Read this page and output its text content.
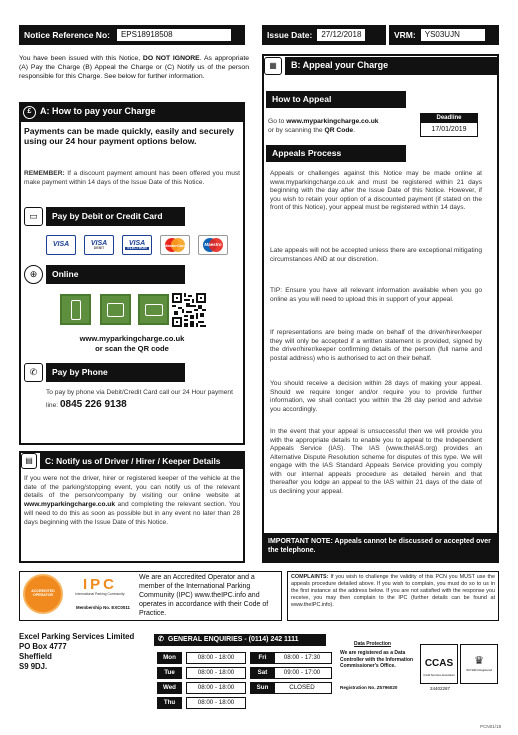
Notice Reference No:	EPS18918508	Issue Date:	27/12/2018	VRM:	YS03UJN
You have been issued with this Notice, DO NOT IGNORE. As appropriate (A) Pay the Charge (B) Appeal the Charge or (C) Notify us of the person responsible for this Charge. See below for further information.
£ A: How to pay your Charge
Payments can be made quickly, easily and securely using our 24 hour payment options below.
REMEMBER: If a discount payment amount has been offered you must make payment within 14 days of the Issue Date of this Notice.
▭	Pay by Debit or Credit Card
VISA	VISA
DEBIT
VISA
ELECTRON
MasterCard	Maestro
⊕	Online
www.myparkingcharge.co.uk
or scan the QR code
✆	Pay by Phone
To pay by phone via Debit/Credit Card call our 24 Hour payment line: 0845 226 9138
▤	C: Notify us of Driver / Hirer / Keeper Details
If you were not the driver, hirer or registered keeper of the vehicle at the date of the parking/stopping event, you can notify us of the relevant details of the person/company by visiting our online website at www.myparkingcharge.co.uk and completing the relevant section. You will need to do this as soon as possible but in any event no later than 28 days beginning with the Issue Date of this Notice.
▦	B: Appeal your Charge
How to Appeal
Go to www.myparkingcharge.co.uk
or by scanning the QR Code.
Deadline
17/01/2019
Appeals Process
Appeals or challenges against this Notice may be made online at www.myparkingcharge.co.uk and must be registered within 21 days beginning with the day after the Issue Date of this Notice. However, if you wish to retain your option of a discounted payment (if stated on the front of this Notice), your appeal must be registered within 14 days.
Late appeals will not be accepted unless there are exceptional mitigating circumstances AND at our discretion.
TIP: Ensure you have all relevant information available when you go online as you will need to upload this in support of your appeal.
If representations are being made on behalf of the driver/hirer/keeper they will only be accepted if a written statement is provided, signed by the driver/hirer/keeper confirming details of the person (full name and postal address) who is authorised to act on their behalf.
You should receive a decision within 28 days of making your appeal. Should we require longer and/or require you to provide further information, we shall contact you within the 28 day period and advise you accordingly.
In the event that your appeal is unsuccessful then we will provide you with the appropriate details to enable you to appeal to the Independent Appeals Service (IAS). The IAS (www.theIAS.org) provides an Alternative Dispute Resolution scheme for disputes of this type. We will engage with the IAS Standard Appeals Service providing you comply with our internal appeals procedure as detailed herein and that thereafter you lodge an appeal to the IAS within 21 days of the date of us declining your appeal.
IMPORTANT NOTE: Appeals cannot be discussed or accepted over the telephone.
ACCREDITED OPERATOR
IPC
International Parking Community
Membership No. EXC0011
We are an Accredited Operator and a member of the International Parking Community (IPC) www.theIPC.info and operates in accordance with their Code of Practice.
COMPLAINTS: If you wish to challenge the validity of this PCN you MUST use the appeals procedure detailed above. If you wish to complain, you must do so to us in the first instance at the address below. If you are not satisfied with the response you receive, you may then complain to the IPC (further details can be found at www.theIPC.info).
Excel Parking Services Limited
PO Box 4777
Sheffield
S9 9DJ.
✆ GENERAL ENQUIRIES - (0114) 242 1111
Mon	08:00 - 18:00
Tue	08:00 - 18:00
Wed	08:00 - 18:00
Thu	08:00 - 18:00
Fri	08:00 - 17:30
Sat	09:00 - 17:00
Sun	CLOSED
Data Protection
We are registered as a Data Controller with the Information Commissioner's Office.
Registration No. Z5796020
CCAS
Credit Services Association
♛
ISO 9001 Registered
24402287
PCN01/18
